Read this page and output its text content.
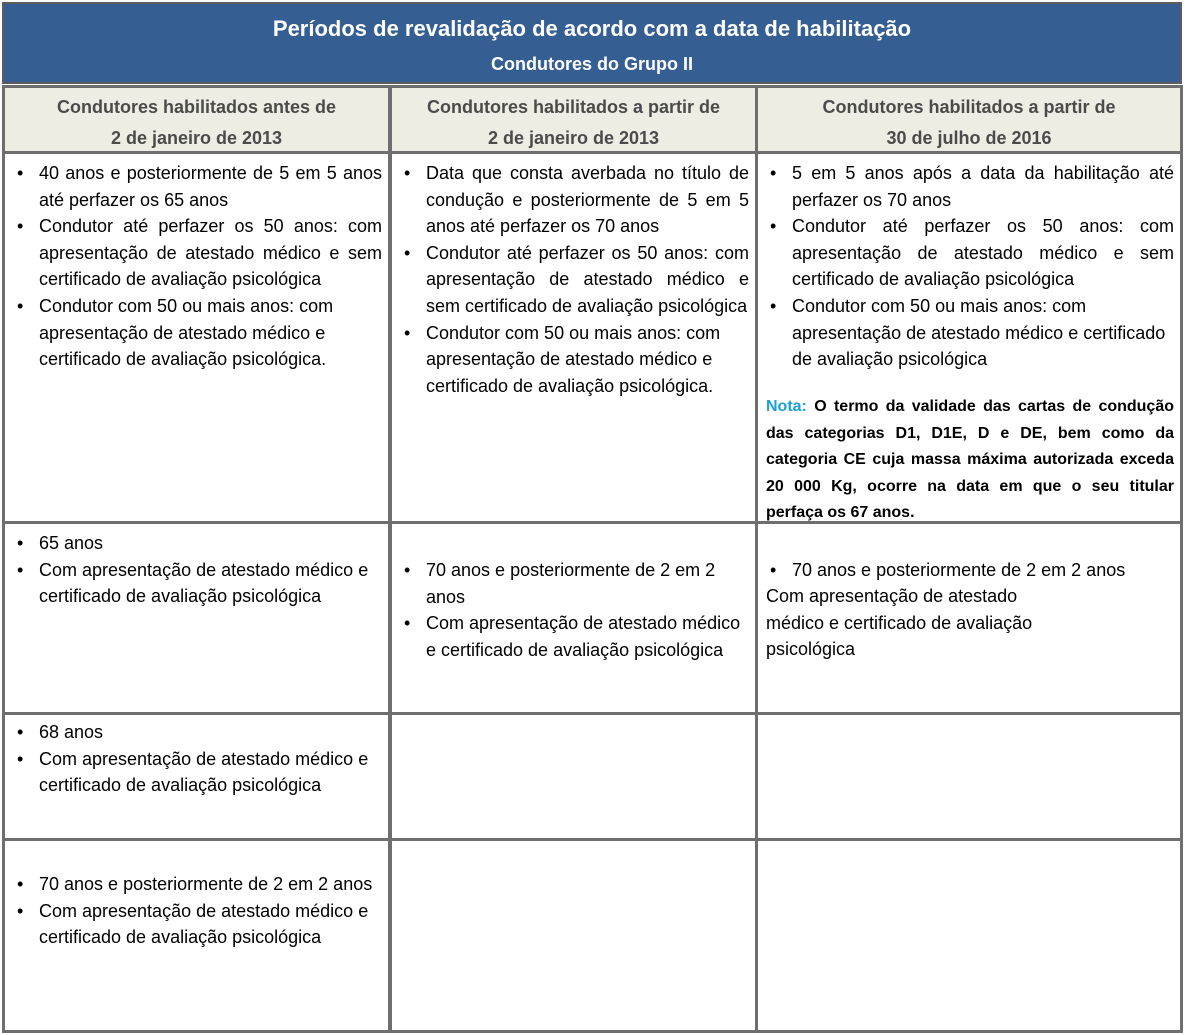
Períodos de revalidação de acordo com a data de habilitação
Condutores do Grupo II
Condutores habilitados antes de
2 de janeiro de 2013
Condutores habilitados a partir de
2 de janeiro de 2013
Condutores habilitados a partir de
30 de julho de 2016
• 40 anos e posteriormente de 5 em 5 anos até perfazer os 65 anos
• Condutor até perfazer os 50 anos: com apresentação de atestado médico e sem certificado de avaliação psicológica
• Condutor com 50 ou mais anos: com apresentação de atestado médico e certificado de avaliação psicológica.
• Data que consta averbada no título de condução e posteriormente de 5 em 5 anos até perfazer os 70 anos
• Condutor até perfazer os 50 anos: com apresentação de atestado médico e sem certificado de avaliação psicológica
• Condutor com 50 ou mais anos: com apresentação de atestado médico e certificado de avaliação psicológica.
• 5 em 5 anos após a data da habilitação até perfazer os 70 anos
• Condutor até perfazer os 50 anos: com apresentação de atestado médico e sem certificado de avaliação psicológica
• Condutor com 50 ou mais anos: com apresentação de atestado médico e certificado de avaliação psicológica
Nota: O termo da validade das cartas de condução das categorias D1, D1E, D e DE, bem como da categoria CE cuja massa máxima autorizada exceda 20 000 Kg, ocorre na data em que o seu titular perfaça os 67 anos.
• 65 anos
• Com apresentação de atestado médico e certificado de avaliação psicológica
• 70 anos e posteriormente de 2 em 2 anos
• Com apresentação de atestado médico e certificado de avaliação psicológica
• 70 anos e posteriormente de 2 em 2 anos
Com apresentação de atestado médico e certificado de avaliação psicológica
• 68 anos
• Com apresentação de atestado médico e certificado de avaliação psicológica
• 70 anos e posteriormente de 2 em 2 anos
• Com apresentação de atestado médico e certificado de avaliação psicológica
